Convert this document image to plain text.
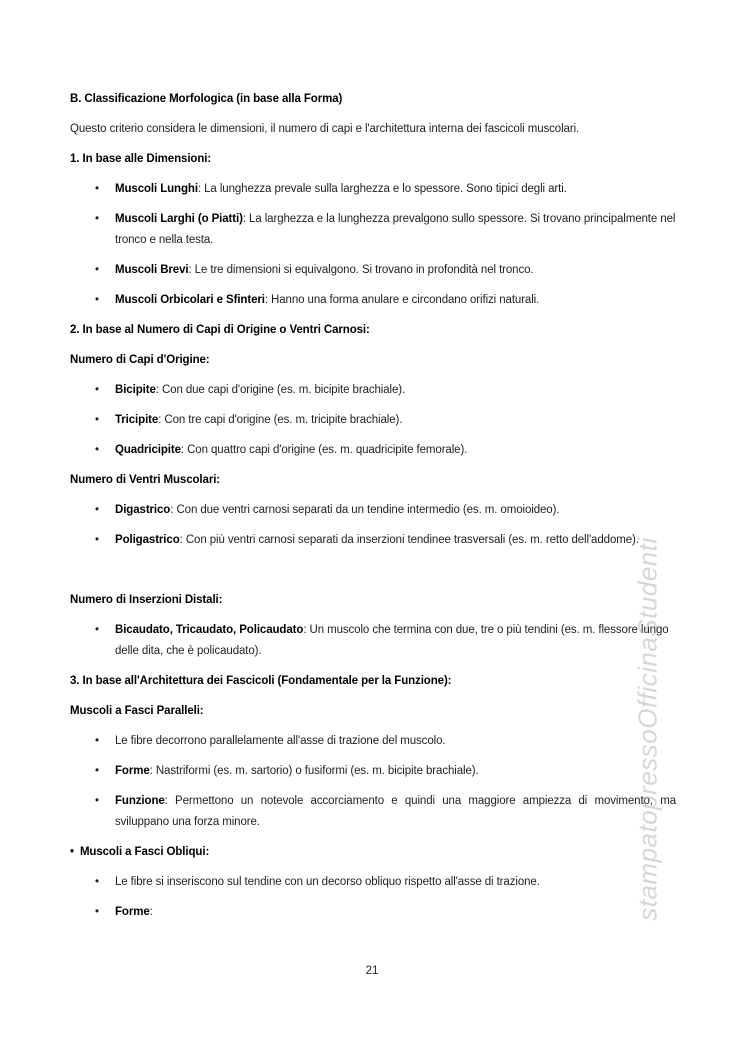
stampatopressoOfficinaStudenti
B. Classificazione Morfologica (in base alla Forma)
Questo criterio considera le dimensioni, il numero di capi e l'architettura interna dei fascicoli muscolari.
1. In base alle Dimensioni:
• Muscoli Lunghi: La lunghezza prevale sulla larghezza e lo spessore. Sono tipici degli arti.
• Muscoli Larghi (o Piatti): La larghezza e la lunghezza prevalgono sullo spessore. Si trovano principalmente nel tronco e nella testa.
• Muscoli Brevi: Le tre dimensioni si equivalgono. Si trovano in profondità nel tronco.
• Muscoli Orbicolari e Sfinteri: Hanno una forma anulare e circondano orifizi naturali.
2. In base al Numero di Capi di Origine o Ventri Carnosi:
Numero di Capi d'Origine:
• Bicipite: Con due capi d'origine (es. m. bicipite brachiale).
• Tricipite: Con tre capi d'origine (es. m. tricipite brachiale).
• Quadricipite: Con quattro capi d'origine (es. m. quadricipite femorale).
Numero di Ventri Muscolari:
• Digastrico: Con due ventri carnosi separati da un tendine intermedio (es. m. omoioideo).
• Poligastrico: Con più ventri carnosi separati da inserzioni tendinee trasversali (es. m. retto dell'addome).
Numero di Inserzioni Distali:
• Bicaudato, Tricaudato, Policaudato: Un muscolo che termina con due, tre o più tendini (es. m. flessore lungo delle dita, che è policaudato).
3. In base all'Architettura dei Fascicoli (Fondamentale per la Funzione):
Muscoli a Fasci Paralleli:
• Le fibre decorrono parallelamente all'asse di trazione del muscolo.
• Forme: Nastriformi (es. m. sartorio) o fusiformi (es. m. bicipite brachiale).
• Funzione: Permettono un notevole accorciamento e quindi una maggiore ampiezza di movimento, ma sviluppano una forza minore.
• Muscoli a Fasci Obliqui:
• Le fibre si inseriscono sul tendine con un decorso obliquo rispetto all'asse di trazione.
• Forme:
21
